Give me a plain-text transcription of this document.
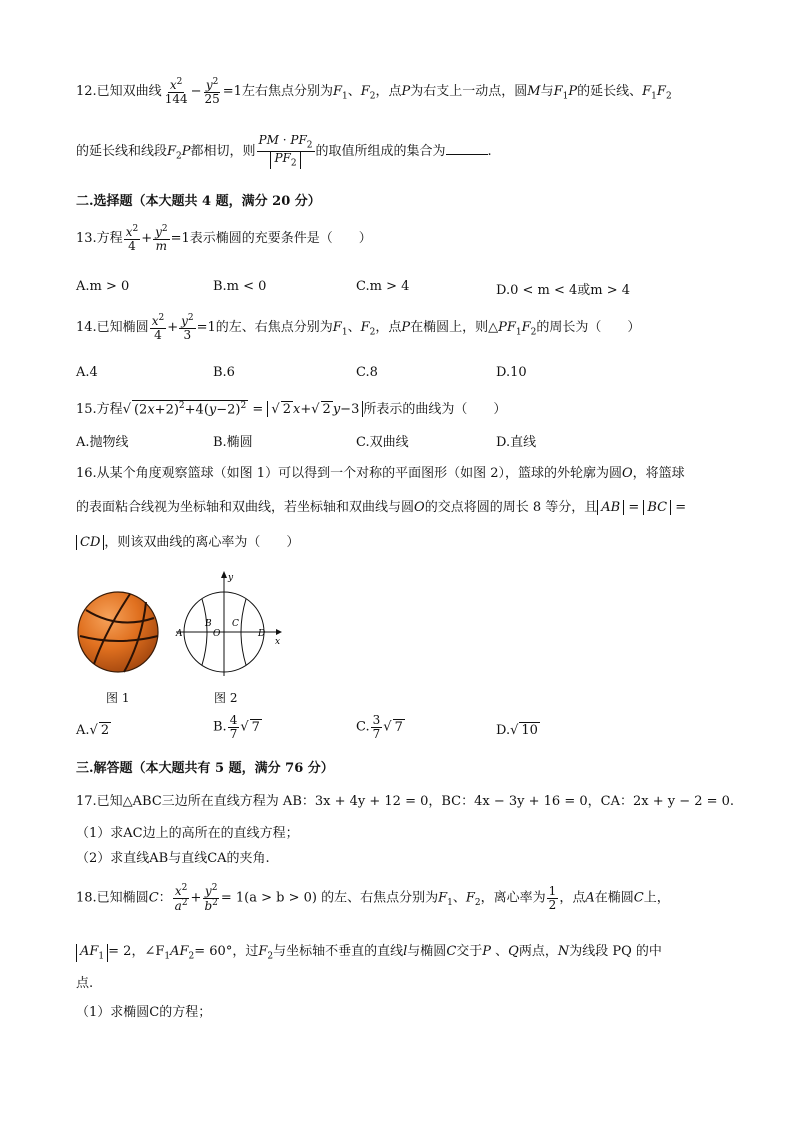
12.已知双曲线 $\frac{x^2}{144} - \frac{y^2}{25} =1$左右焦点分别为$F_1$、$F_2$，点P为右支上一动点，圆M与$F_1P$的延长线、$F_1F_2$
的延长线和线段$F_2P$都相切，则 $\frac{PM \cdot PF_2}{PF_2}$ 的取值所组成的集合为	.
二.选择题（本大题共 4 题，满分 20 分）
13.方程 $\frac{x^2}{4} + \frac{y^2}{m} =1$表示椭圆的充要条件是（　　）
A.m > 0	B.m < 0	C.m > 4	D.0 < m < 4或m > 4
14.已知椭圆 $\frac{x^2}{4} + \frac{y^2}{3} =1$的左、右焦点分别为$F_1$、$F_2$，点P在椭圆上，则$\triangle PF_1F_2$的周长为（　　）
A.4	B.6	C.8	D.10
15.方程√ $(2x+2)^2+4(y-2)^2$ = √ 2 x+√ 2 y−3 所表示的曲线为（　　）
A.抛物线	B.椭圆	C.双曲线	D.直线
16.从某个角度观察篮球（如图 1）可以得到一个对称的平面图形（如图 2），篮球的外轮廓为圆O，将篮球
的表面粘合线视为坐标轴和双曲线，若坐标轴和双曲线与圆O的交点将圆的周长 8 等分，且 AB = BC =
CD ，则该双曲线的离心率为（　　）
图 1
y
x
A
B
O
C
D
图 2
A.√ 2	B. $\frac{4}{7}$ √ 7	C. $\frac{3}{7}$ √ 7	D.√ 10
三.解答题（本大题共有 5 题，满分 76 分）
17.已知△ABC三边所在直线方程为 AB：3x + 4y + 12 = 0，BC：4x − 3y + 16 = 0，CA：2x + y − 2 = 0.
（1）求AC边上的高所在的直线方程；
（2）求直线AB与直线CA的夹角.
18.已知椭圆C： $\frac{x^2}{a^2} + \frac{y^2}{b^2} = 1(a > b > 0)$ 的左、右焦点分别为$F_1$、$F_2$，离心率为 $\frac{1}{2}$ ，点A在椭圆C上，
$AF_1 = 2$，$\angle F_1AF_2= 60^\circ$，过$F_2$与坐标轴不垂直的直线l与椭圆C交于P 、Q两点，N为线段 PQ 的中
点.
（1）求椭圆C的方程；
